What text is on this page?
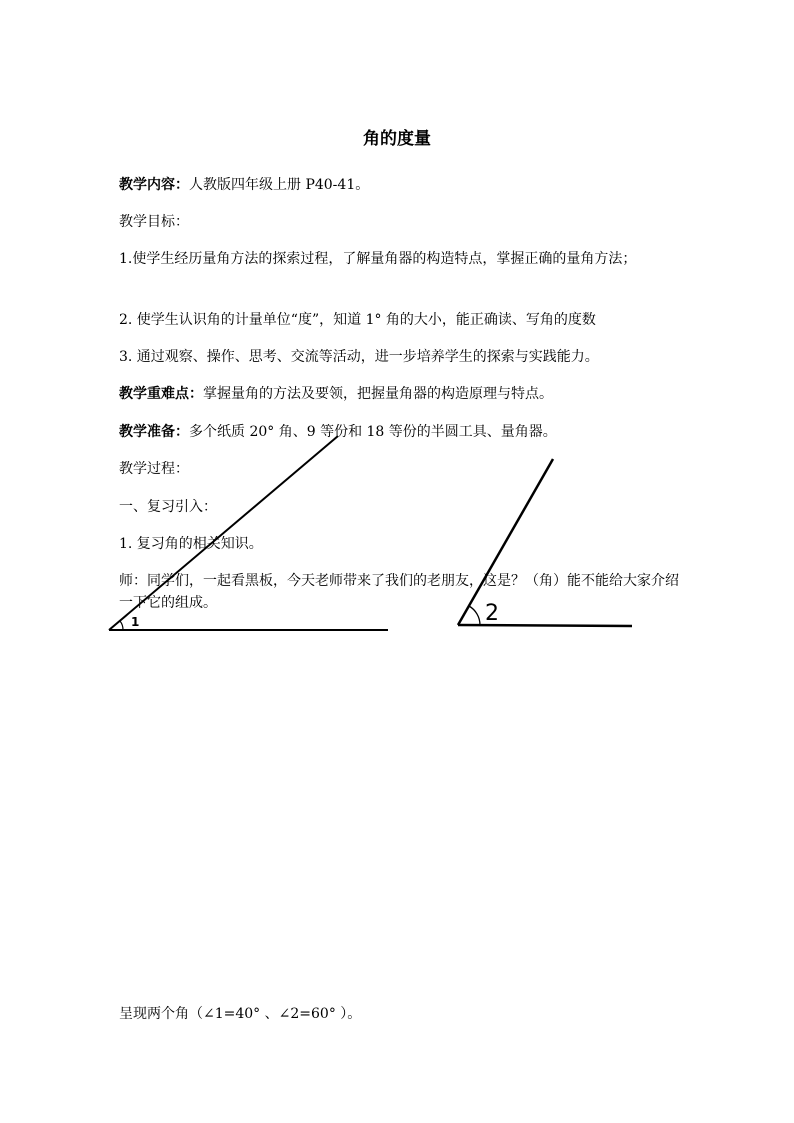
角的度量
教学内容：人教版四年级上册 P40-41。
教学目标：
1.使学生经历量角方法的探索过程，了解量角器的构造特点，掌握正确的量角方法；
2. 使学生认识角的计量单位“度”，知道 1° 角的大小，能正确读、写角的度数
3. 通过观察、操作、思考、交流等活动，进一步培养学生的探索与实践能力。
教学重难点：掌握量角的方法及要领，把握量角器的构造原理与特点。
教学准备：多个纸质 20° 角、9 等份和 18 等份的半圆工具、量角器。
教学过程：
一、复习引入：
1. 复习角的相关知识。
师：同学们，一起看黑板，今天老师带来了我们的老朋友，这是？（角）能不能给大家介绍一下它的组成。
1	2
呈现两个角（∠1=40° 、∠2=60° ）。
